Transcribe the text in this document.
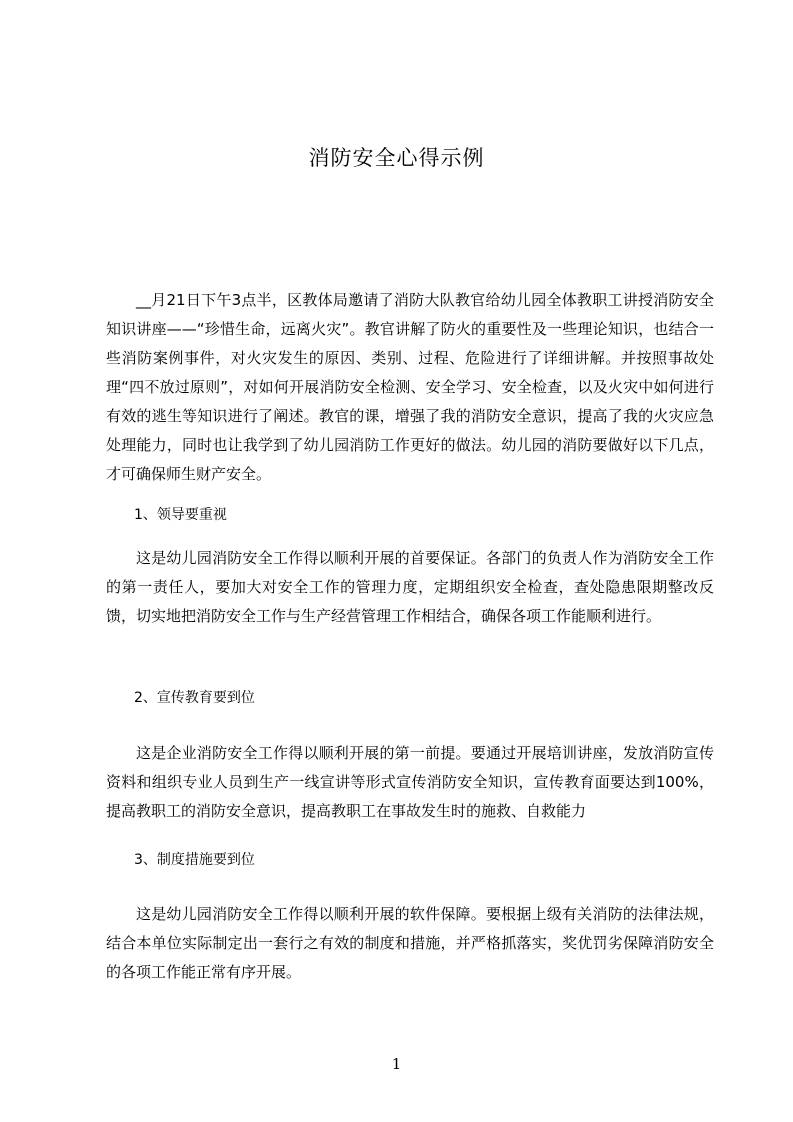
消防安全心得示例

__月21日下午3点半，区教体局邀请了消防大队教官给幼儿园全体教职工讲授消防安全知识讲座——“珍惜生命，远离火灾”。教官讲解了防火的重要性及一些理论知识，也结合一些消防案例事件，对火灾发生的原因、类别、过程、危险进行了详细讲解。并按照事故处理“四不放过原则”，对如何开展消防安全检测、安全学习、安全检查，以及火灾中如何进行有效的逃生等知识进行了阐述。教官的课，增强了我的消防安全意识，提高了我的火灾应急处理能力，同时也让我学到了幼儿园消防工作更好的做法。幼儿园的消防要做好以下几点，才可确保师生财产安全。

1、领导要重视

这是幼儿园消防安全工作得以顺利开展的首要保证。各部门的负责人作为消防安全工作的第一责任人，要加大对安全工作的管理力度，定期组织安全检查，查处隐患限期整改反馈，切实地把消防安全工作与生产经营管理工作相结合，确保各项工作能顺利进行。

2、宣传教育要到位

这是企业消防安全工作得以顺利开展的第一前提。要通过开展培训讲座，发放消防宣传资料和组织专业人员到生产一线宣讲等形式宣传消防安全知识，宣传教育面要达到100%，提高教职工的消防安全意识，提高教职工在事故发生时的施救、自救能力

3、制度措施要到位

这是幼儿园消防安全工作得以顺利开展的软件保障。要根据上级有关消防的法律法规，结合本单位实际制定出一套行之有效的制度和措施，并严格抓落实，奖优罚劣保障消防安全的各项工作能正常有序开展。

1
